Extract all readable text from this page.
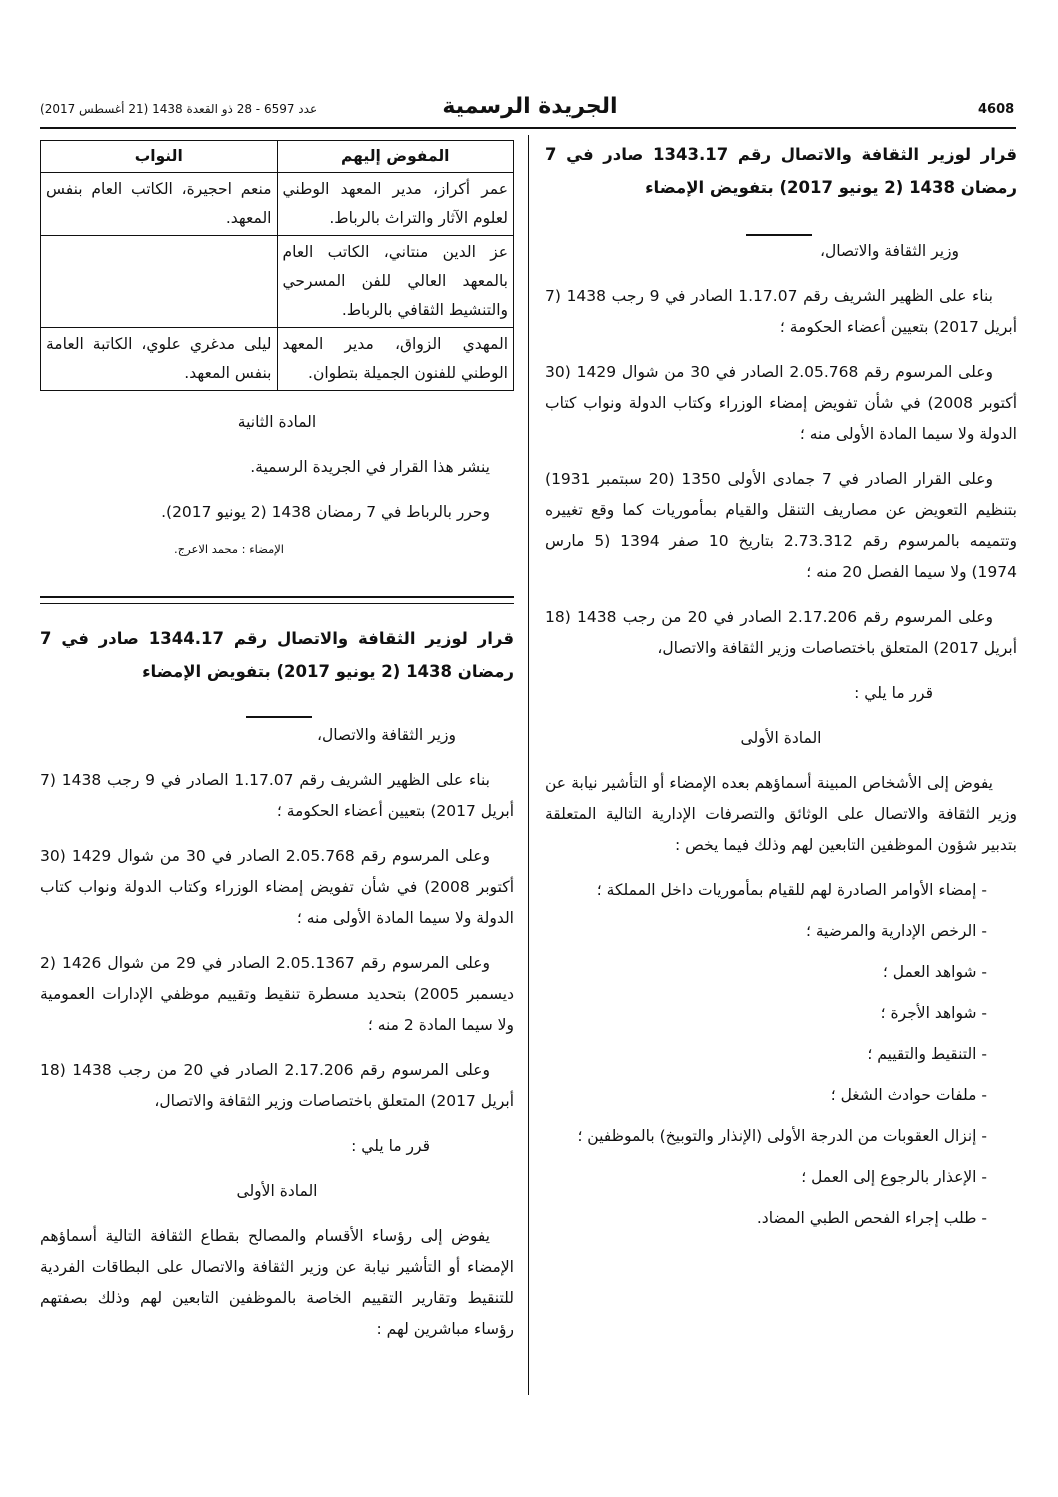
4608
الجريدة الرسمية
عدد 6597 - 28 ذو القعدة 1438 (21 أغسطس 2017)

قرار لوزير الثقافة والاتصال رقم 1343.17 صادر في 7 رمضان 1438 (2 يونيو 2017) بتفويض الإمضاء

وزير الثقافة والاتصال،

بناء على الظهير الشريف رقم 1.17.07 الصادر في 9 رجب 1438 (7 أبريل 2017) بتعيين أعضاء الحكومة ؛

وعلى المرسوم رقم 2.05.768 الصادر في 30 من شوال 1429 (30 أكتوبر 2008) في شأن تفويض إمضاء الوزراء وكتاب الدولة ونواب كتاب الدولة ولا سيما المادة الأولى منه ؛

وعلى القرار الصادر في 7 جمادى الأولى 1350 (20 سبتمبر 1931) بتنظيم التعويض عن مصاريف التنقل والقيام بمأموريات كما وقع تغييره وتتميمه بالمرسوم رقم 2.73.312 بتاريخ 10 صفر 1394 (5 مارس 1974) ولا سيما الفصل 20 منه ؛

وعلى المرسوم رقم 2.17.206 الصادر في 20 من رجب 1438 (18 أبريل 2017) المتعلق باختصاصات وزير الثقافة والاتصال،

قرر ما يلي :

المادة الأولى

يفوض إلى الأشخاص المبينة أسماؤهم بعده الإمضاء أو التأشير نيابة عن وزير الثقافة والاتصال على الوثائق والتصرفات الإدارية التالية المتعلقة بتدبير شؤون الموظفين التابعين لهم وذلك فيما يخص :

- إمضاء الأوامر الصادرة لهم للقيام بمأموريات داخل المملكة ؛

- الرخص الإدارية والمرضية ؛

- شواهد العمل ؛

- شواهد الأجرة ؛

- التنقيط والتقييم ؛

- ملفات حوادث الشغل ؛

- إنزال العقوبات من الدرجة الأولى (الإنذار والتوبيخ) بالموظفين ؛

- الإعذار بالرجوع إلى العمل ؛

- طلب إجراء الفحص الطبي المضاد.

المفوض إليهم	النواب
عمر أكراز، مدير المعهد الوطني لعلوم الآثار والتراث بالرباط.	منعم احجيرة، الكاتب العام بنفس المعهد.
عز الدين منتاني، الكاتب العام بالمعهد العالي للفن المسرحي والتنشيط الثقافي بالرباط.	
المهدي الزواق، مدير المعهد الوطني للفنون الجميلة بتطوان.	ليلى مدغري علوي، الكاتبة العامة بنفس المعهد.

المادة الثانية

ينشر هذا القرار في الجريدة الرسمية.

وحرر بالرباط في 7 رمضان 1438 (2 يونيو 2017).

الإمضاء : محمد الاعرج.

قرار لوزير الثقافة والاتصال رقم 1344.17 صادر في 7 رمضان 1438 (2 يونيو 2017) بتفويض الإمضاء

وزير الثقافة والاتصال،

بناء على الظهير الشريف رقم 1.17.07 الصادر في 9 رجب 1438 (7 أبريل 2017) بتعيين أعضاء الحكومة ؛

وعلى المرسوم رقم 2.05.768 الصادر في 30 من شوال 1429 (30 أكتوبر 2008) في شأن تفويض إمضاء الوزراء وكتاب الدولة ونواب كتاب الدولة ولا سيما المادة الأولى منه ؛

وعلى المرسوم رقم 2.05.1367 الصادر في 29 من شوال 1426 (2 ديسمبر 2005) بتحديد مسطرة تنقيط وتقييم موظفي الإدارات العمومية ولا سيما المادة 2 منه ؛

وعلى المرسوم رقم 2.17.206 الصادر في 20 من رجب 1438 (18 أبريل 2017) المتعلق باختصاصات وزير الثقافة والاتصال،

قرر ما يلي :

المادة الأولى

يفوض إلى رؤساء الأقسام والمصالح بقطاع الثقافة التالية أسماؤهم الإمضاء أو التأشير نيابة عن وزير الثقافة والاتصال على البطاقات الفردية للتنقيط وتقارير التقييم الخاصة بالموظفين التابعين لهم وذلك بصفتهم رؤساء مباشرين لهم :
